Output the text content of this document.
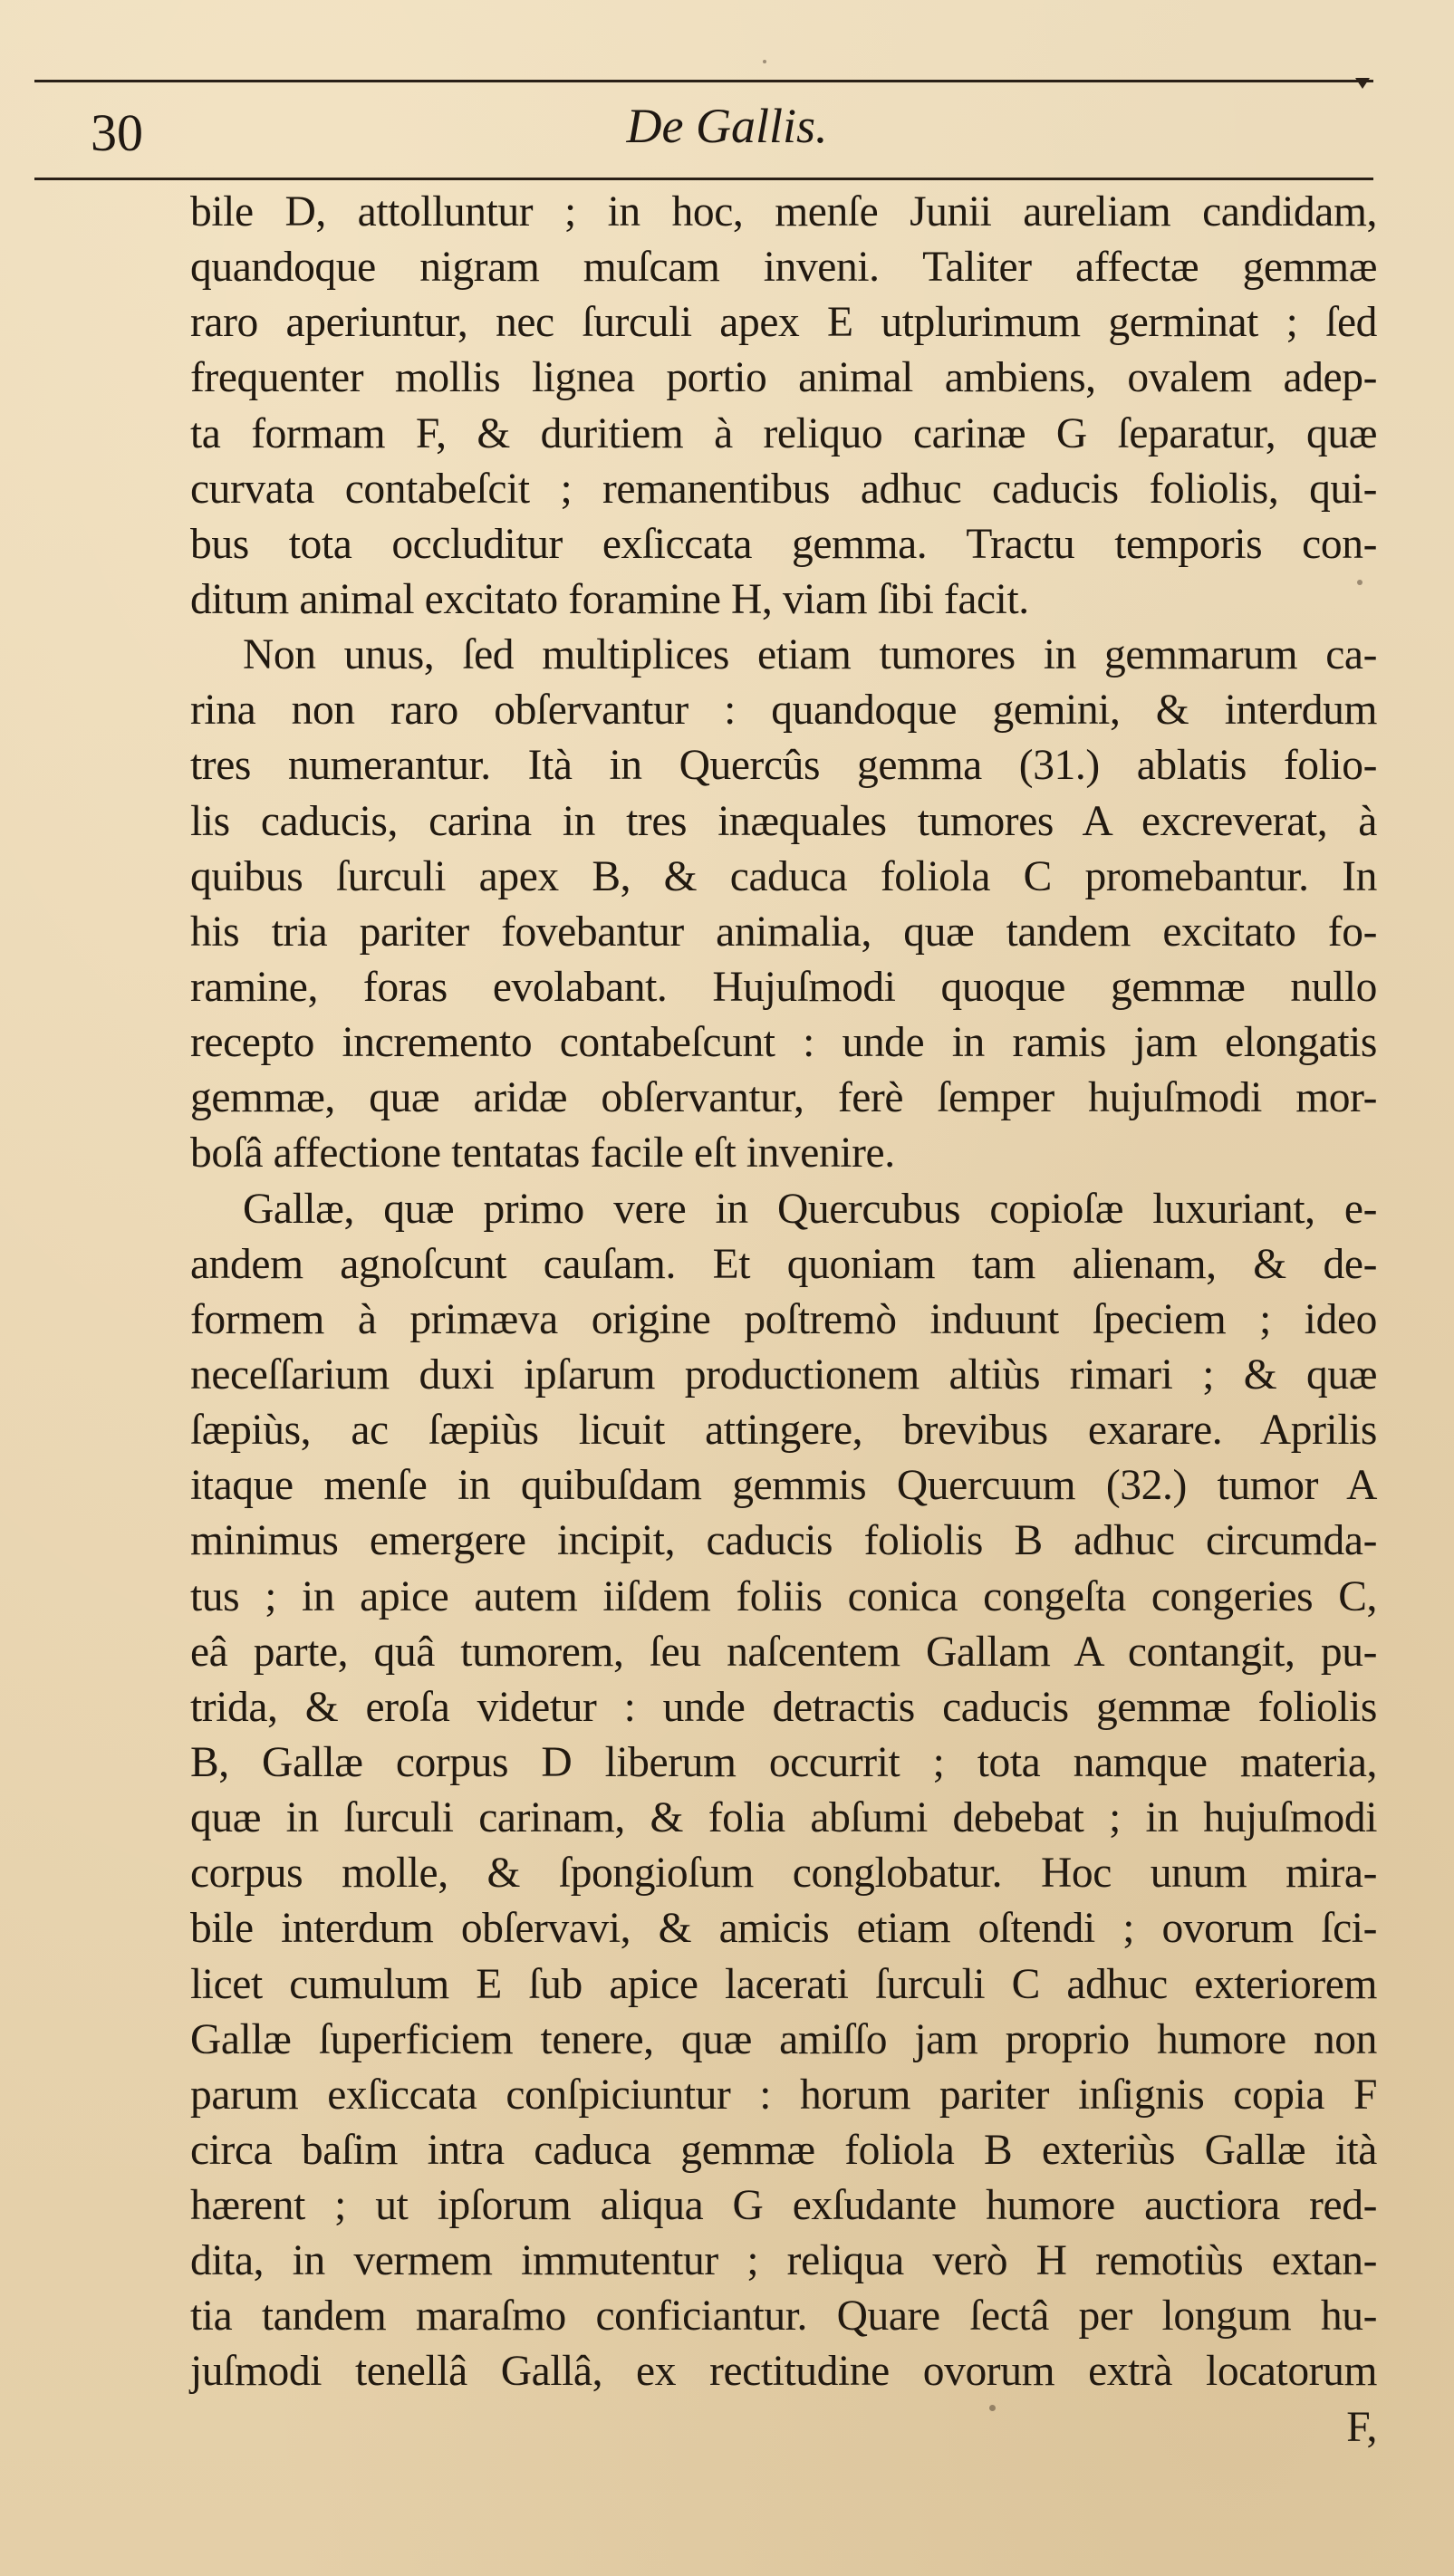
30	De Gallis.
bile D, attolluntur ; in hoc, menſe Junii aureliam candidam,
quandoque nigram muſcam inveni. Taliter affectæ gemmæ
raro aperiuntur, nec ſurculi apex E utplurimum germinat ; ſed
frequenter mollis lignea portio animal ambiens, ovalem adep-
ta formam F, & duritiem à reliquo carinæ G ſeparatur, quæ
curvata contabeſcit ; remanentibus adhuc caducis foliolis, qui-
bus tota occluditur exſiccata gemma. Tractu temporis con-
ditum animal excitato foramine H, viam ſibi facit.
Non unus, ſed multiplices etiam tumores in gemmarum ca-
rina non raro obſervantur : quandoque gemini, & interdum
tres numerantur. Ità in Quercûs gemma (31.) ablatis folio-
lis caducis, carina in tres inæquales tumores A excreverat, à
quibus ſurculi apex B, & caduca foliola C promebantur. In
his tria pariter fovebantur animalia, quæ tandem excitato fo-
ramine, foras evolabant. Hujuſmodi quoque gemmæ nullo
recepto incremento contabeſcunt : unde in ramis jam elongatis
gemmæ, quæ aridæ obſervantur, ferè ſemper hujuſmodi mor-
boſâ affectione tentatas facile eſt invenire.
Gallæ, quæ primo vere in Quercubus copioſæ luxuriant, e-
andem agnoſcunt cauſam. Et quoniam tam alienam, & de-
formem à primæva origine poſtremò induunt ſpeciem ; ideo
neceſſarium duxi ipſarum productionem altiùs rimari ; & quæ
ſæpiùs, ac ſæpiùs licuit attingere, brevibus exarare. Aprilis
itaque menſe in quibuſdam gemmis Quercuum (32.) tumor A
minimus emergere incipit, caducis foliolis B adhuc circumda-
tus ; in apice autem iiſdem foliis conica congeſta congeries C,
eâ parte, quâ tumorem, ſeu naſcentem Gallam A contangit, pu-
trida, & eroſa videtur : unde detractis caducis gemmæ foliolis
B, Gallæ corpus D liberum occurrit ; tota namque materia,
quæ in ſurculi carinam, & folia abſumi debebat ; in hujuſmodi
corpus molle, & ſpongioſum conglobatur. Hoc unum mira-
bile interdum obſervavi, & amicis etiam oſtendi ; ovorum ſci-
licet cumulum E ſub apice lacerati ſurculi C adhuc exteriorem
Gallæ ſuperficiem tenere, quæ amiſſo jam proprio humore non
parum exſiccata conſpiciuntur : horum pariter inſignis copia F
circa baſim intra caduca gemmæ foliola B exteriùs Gallæ ità
hærent ; ut ipſorum aliqua G exſudante humore auctiora red-
dita, in vermem immutentur ; reliqua verò H remotiùs extan-
tia tandem maraſmo conficiantur. Quare ſectâ per longum hu-
juſmodi tenellâ Gallâ, ex rectitudine ovorum extrà locatorum
F,
